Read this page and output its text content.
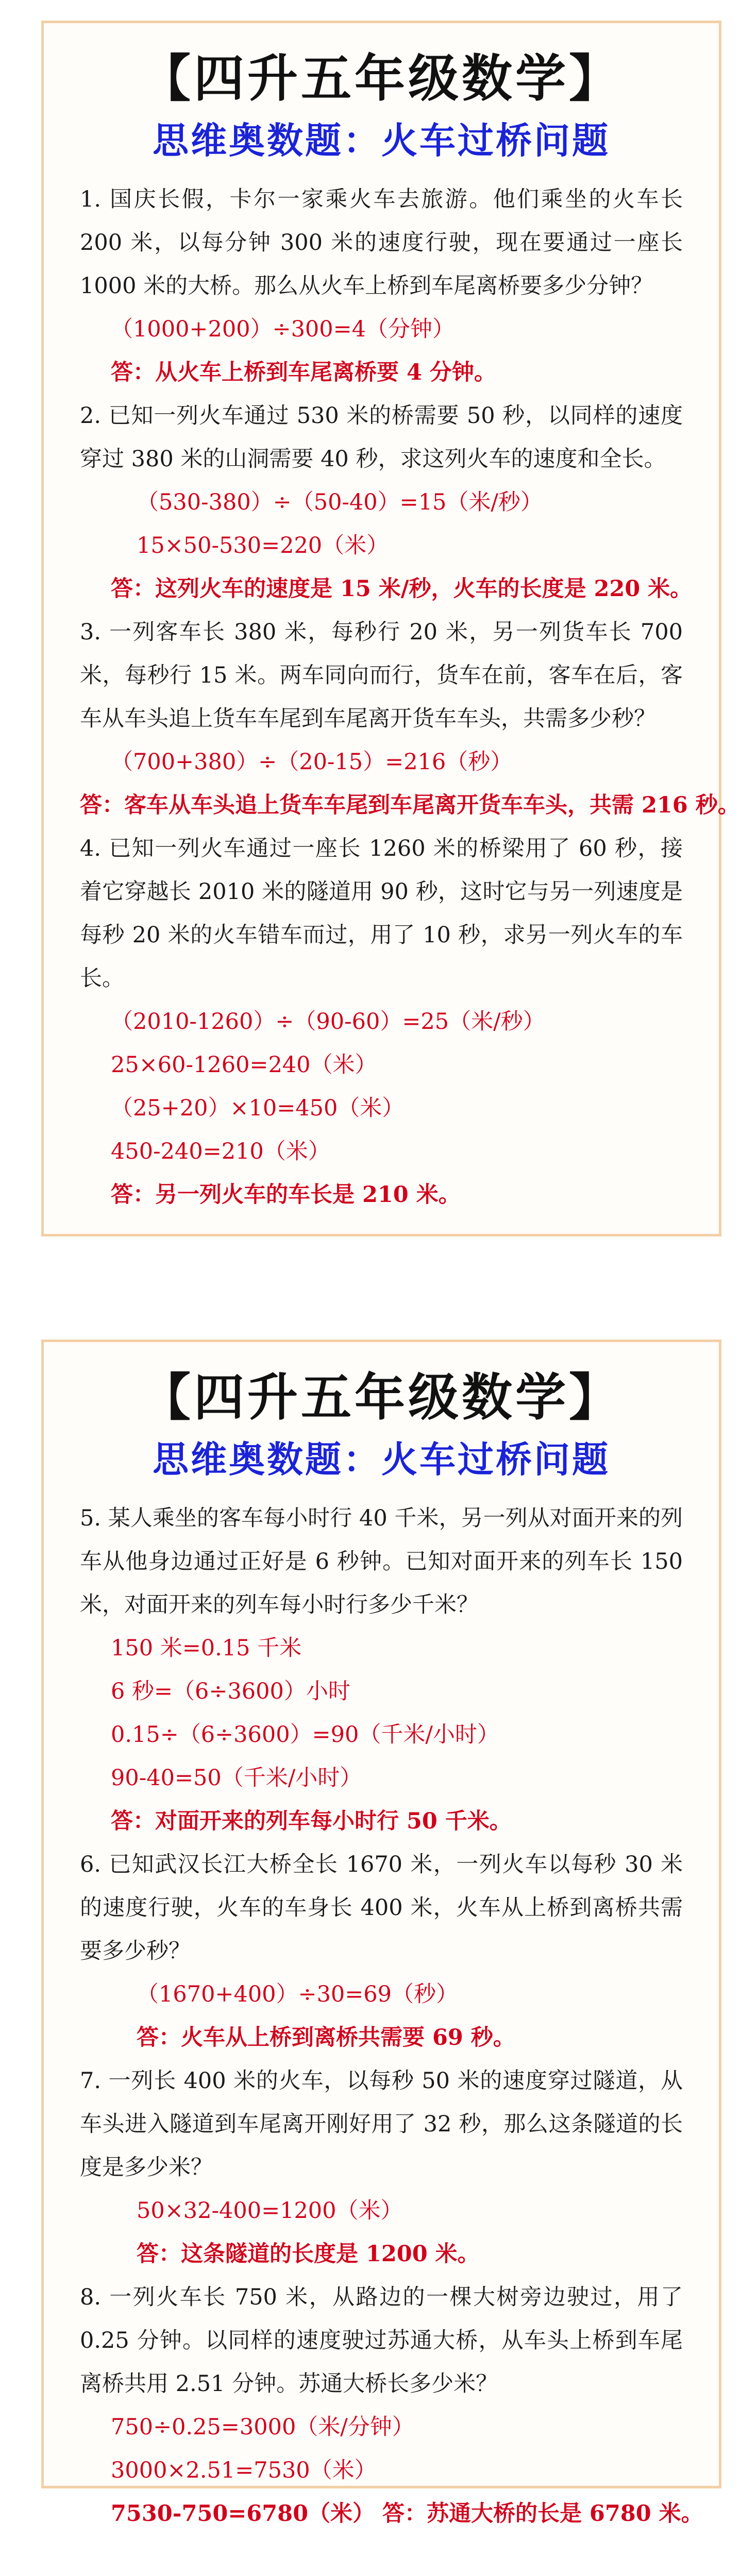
【四升五年级数学】
思维奥数题：火车过桥问题

1. 国庆长假，卡尔一家乘火车去旅游。他们乘坐的火车长 200 米，以每分钟 300 米的速度行驶，现在要通过一座长 1000 米的大桥。那么从火车上桥到车尾离桥要多少分钟？

（1000+200）÷300=4（分钟）
答：从火车上桥到车尾离桥要 4 分钟。

2. 已知一列火车通过 530 米的桥需要 50 秒，以同样的速度穿过 380 米的山洞需要 40 秒，求这列火车的速度和全长。

（530-380）÷（50-40）=15（米/秒）
15×50-530=220（米）
答：这列火车的速度是 15 米/秒，火车的长度是 220 米。

3. 一列客车长 380 米，每秒行 20 米，另一列货车长 700 米，每秒行 15 米。两车同向而行，货车在前，客车在后，客车从车头追上货车车尾到车尾离开货车车头，共需多少秒？

（700+380）÷（20-15）=216（秒）
答：客车从车头追上货车车尾到车尾离开货车车头，共需 216 秒。

4. 已知一列火车通过一座长 1260 米的桥梁用了 60 秒，接着它穿越长 2010 米的隧道用 90 秒，这时它与另一列速度是每秒 20 米的火车错车而过，用了 10 秒，求另一列火车的车长。

（2010-1260）÷（90-60）=25（米/秒）
25×60-1260=240（米）
（25+20）×10=450（米）
450-240=210（米）
答：另一列火车的车长是 210 米。
【四升五年级数学】
思维奥数题：火车过桥问题

5. 某人乘坐的客车每小时行 40 千米，另一列从对面开来的列车从他身边通过正好是 6 秒钟。已知对面开来的列车长 150 米，对面开来的列车每小时行多少千米？

150 米=0.15 千米
6 秒=（6÷3600）小时
0.15÷（6÷3600）=90（千米/小时）
90-40=50（千米/小时）
答：对面开来的列车每小时行 50 千米。

6. 已知武汉长江大桥全长 1670 米，一列火车以每秒 30 米的速度行驶，火车的车身长 400 米，火车从上桥到离桥共需要多少秒？

（1670+400）÷30=69（秒）
答：火车从上桥到离桥共需要 69 秒。

7. 一列长 400 米的火车，以每秒 50 米的速度穿过隧道，从车头进入隧道到车尾离开刚好用了 32 秒，那么这条隧道的长度是多少米？

50×32-400=1200（米）
答：这条隧道的长度是 1200 米。

8. 一列火车长 750 米，从路边的一棵大树旁边驶过，用了 0.25 分钟。以同样的速度驶过苏通大桥，从车头上桥到车尾离桥共用 2.51 分钟。苏通大桥长多少米？

750÷0.25=3000（米/分钟）
3000×2.51=7530（米）
7530-750=6780（米） 答：苏通大桥的长是 6780 米。
